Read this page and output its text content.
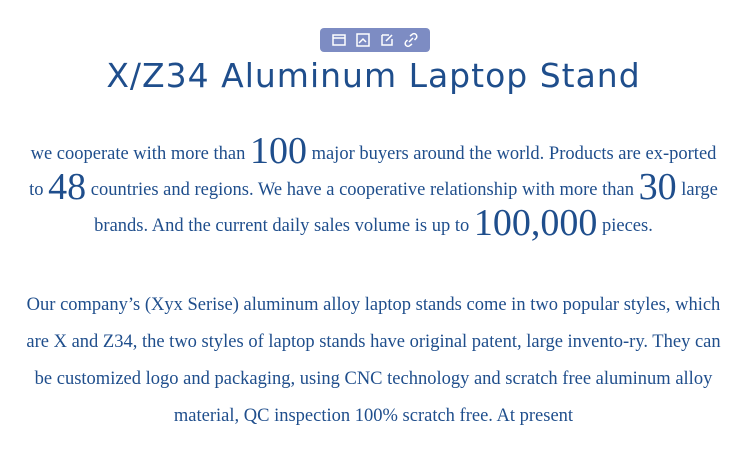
X/Z34 Aluminum Laptop Stand

we cooperate with more than 100 major buyers around the world. Products are ex-ported to 48 countries and regions. We have a cooperative relationship with more than 30 large brands. And the current daily sales volume is up to 100,000 pieces.

Our company’s (Xyx Serise) aluminum alloy laptop stands come in two popular styles, which are X and Z34, the two styles of laptop stands have original patent, large invento-ry. They can be customized logo and packaging, using CNC technology and scratch free aluminum alloy material, QC inspection 100% scratch free. At present
